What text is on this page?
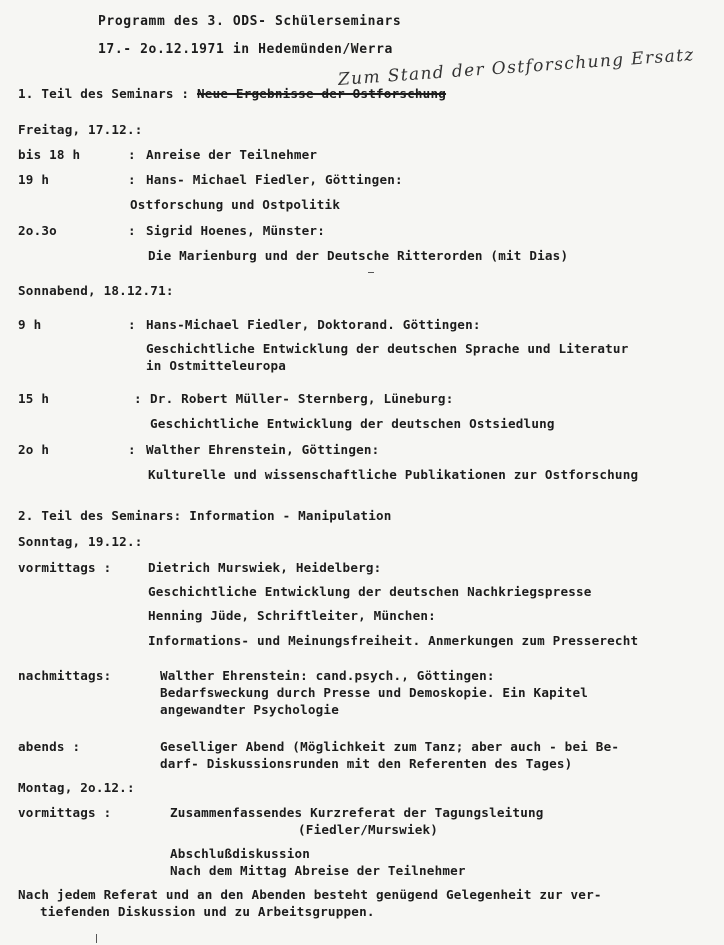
Programm des 3. ODS- Schülerseminars
17.- 2o.12.1971 in Hedemünden/Werra
Zum Stand der Ostforschung Ersatz
1. Teil des Seminars : Neue Ergebnisse der Ostforschung
Freitag, 17.12.:
bis 18 h	: Anreise der Teilnehmer
19 h	: Hans- Michael Fiedler, Göttingen:
Ostforschung und Ostpolitik
2o.3o	: Sigrid Hoenes, Münster:
Die Marienburg und der Deutsche Ritterorden (mit Dias)
Sonnabend, 18.12.71:
9 h	: Hans-Michael Fiedler, Doktorand. Göttingen:
Geschichtliche Entwicklung der deutschen Sprache und Literatur
in Ostmitteleuropa
15 h	: Dr. Robert Müller- Sternberg, Lüneburg:
Geschichtliche Entwicklung der deutschen Ostsiedlung
2o h	: Walther Ehrenstein, Göttingen:
Kulturelle und wissenschaftliche Publikationen zur Ostforschung
2. Teil des Seminars: Information - Manipulation
Sonntag, 19.12.:
vormittags :	Dietrich Murswiek, Heidelberg:
Geschichtliche Entwicklung der deutschen Nachkriegspresse
Henning Jüde, Schriftleiter, München:
Informations- und Meinungsfreiheit. Anmerkungen zum Presserecht
nachmittags:	Walther Ehrenstein: cand.psych., Göttingen:
Bedarfsweckung durch Presse und Demoskopie. Ein Kapitel
angewandter Psychologie
abends :	Geselliger Abend (Möglichkeit zum Tanz; aber auch - bei Be-
darf- Diskussionsrunden mit den Referenten des Tages)
Montag, 2o.12.:
vormittags :	Zusammenfassendes Kurzreferat der Tagungsleitung
(Fiedler/Murswiek)
Abschlußdiskussion
Nach dem Mittag Abreise der Teilnehmer
Nach jedem Referat und an den Abenden besteht genügend Gelegenheit zur ver-
tiefenden Diskussion und zu Arbeitsgruppen.
